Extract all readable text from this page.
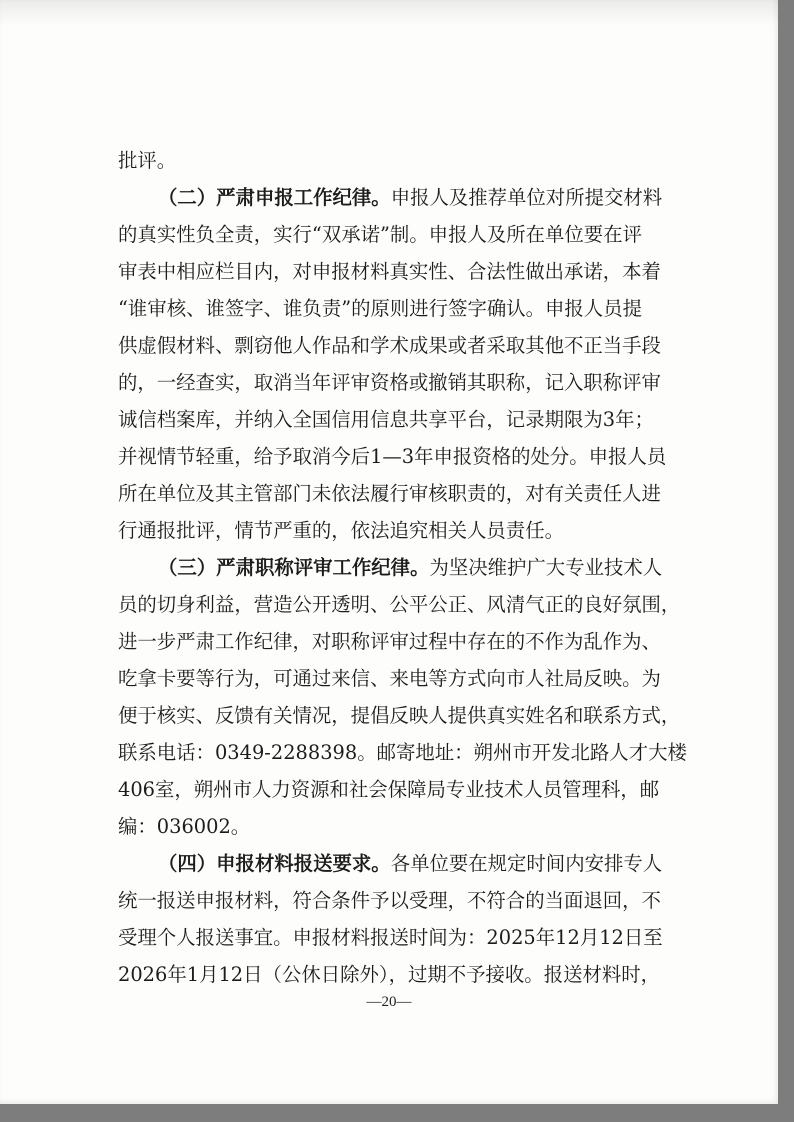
批评。
（二）严肃申报工作纪律。申报人及推荐单位对所提交材料
的真实性负全责，实行“双承诺”制。申报人及所在单位要在评
审表中相应栏目内，对申报材料真实性、合法性做出承诺，本着
“谁审核、谁签字、谁负责”的原则进行签字确认。申报人员提
供虚假材料、剽窃他人作品和学术成果或者采取其他不正当手段
的，一经查实，取消当年评审资格或撤销其职称，记入职称评审
诚信档案库，并纳入全国信用信息共享平台，记录期限为3年；
并视情节轻重，给予取消今后1—3年申报资格的处分。申报人员
所在单位及其主管部门未依法履行审核职责的，对有关责任人进
行通报批评，情节严重的，依法追究相关人员责任。
（三）严肃职称评审工作纪律。为坚决维护广大专业技术人
员的切身利益，营造公开透明、公平公正、风清气正的良好氛围，
进一步严肃工作纪律，对职称评审过程中存在的不作为乱作为、
吃拿卡要等行为，可通过来信、来电等方式向市人社局反映。为
便于核实、反馈有关情况，提倡反映人提供真实姓名和联系方式，
联系电话：0349-2288398。邮寄地址：朔州市开发北路人才大楼
406室，朔州市人力资源和社会保障局专业技术人员管理科，邮
编：036002。
（四）申报材料报送要求。各单位要在规定时间内安排专人
统一报送申报材料，符合条件予以受理，不符合的当面退回，不
受理个人报送事宜。申报材料报送时间为：2025年12月12日至
2026年1月12日（公休日除外），过期不予接收。报送材料时，
—20—
